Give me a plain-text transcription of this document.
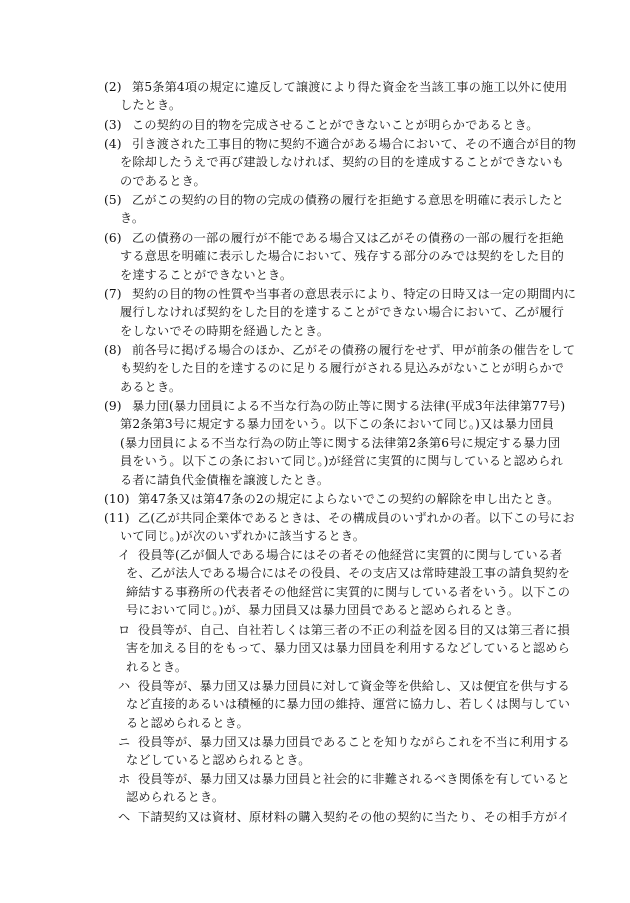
(2) 第5条第4項の規定に違反して譲渡により得た資金を当該工事の施工以外に使用
したとき。
(3) この契約の目的物を完成させることができないことが明らかであるとき。
(4) 引き渡された工事目的物に契約不適合がある場合において、その不適合が目的物
を除却したうえで再び建設しなければ、契約の目的を達成することができないも
のであるとき。
(5) 乙がこの契約の目的物の完成の債務の履行を拒絶する意思を明確に表示したと
き。
(6) 乙の債務の一部の履行が不能である場合又は乙がその債務の一部の履行を拒絶
する意思を明確に表示した場合において、残存する部分のみでは契約をした目的
を達することができないとき。
(7) 契約の目的物の性質や当事者の意思表示により、特定の日時又は一定の期間内に
履行しなければ契約をした目的を達することができない場合において、乙が履行
をしないでその時期を経過したとき。
(8) 前各号に掲げる場合のほか、乙がその債務の履行をせず、甲が前条の催告をして
も契約をした目的を達するのに足りる履行がされる見込みがないことが明らかで
あるとき。
(9) 暴力団(暴力団員による不当な行為の防止等に関する法律(平成3年法律第77号)
第2条第3号に規定する暴力団をいう。以下この条において同じ。)又は暴力団員
(暴力団員による不当な行為の防止等に関する法律第2条第6号に規定する暴力団
員をいう。以下この条において同じ。)が経営に実質的に関与していると認められ
る者に請負代金債権を譲渡したとき。
(10) 第47条又は第47条の2の規定によらないでこの契約の解除を申し出たとき。
(11) 乙(乙が共同企業体であるときは、その構成員のいずれかの者。以下この号にお
いて同じ。)が次のいずれかに該当するとき。
イ 役員等(乙が個人である場合にはその者その他経営に実質的に関与している者
を、乙が法人である場合にはその役員、その支店又は常時建設工事の請負契約を
締結する事務所の代表者その他経営に実質的に関与している者をいう。以下この
号において同じ。)が、暴力団員又は暴力団員であると認められるとき。
ロ 役員等が、自己、自社若しくは第三者の不正の利益を図る目的又は第三者に損
害を加える目的をもって、暴力団又は暴力団員を利用するなどしていると認めら
れるとき。
ハ 役員等が、暴力団又は暴力団員に対して資金等を供給し、又は便宜を供与する
など直接的あるいは積極的に暴力団の維持、運営に協力し、若しくは関与してい
ると認められるとき。
ニ 役員等が、暴力団又は暴力団員であることを知りながらこれを不当に利用する
などしていると認められるとき。
ホ 役員等が、暴力団又は暴力団員と社会的に非難されるべき関係を有していると
認められるとき。
ヘ 下請契約又は資材、原材料の購入契約その他の契約に当たり、その相手方がイ
